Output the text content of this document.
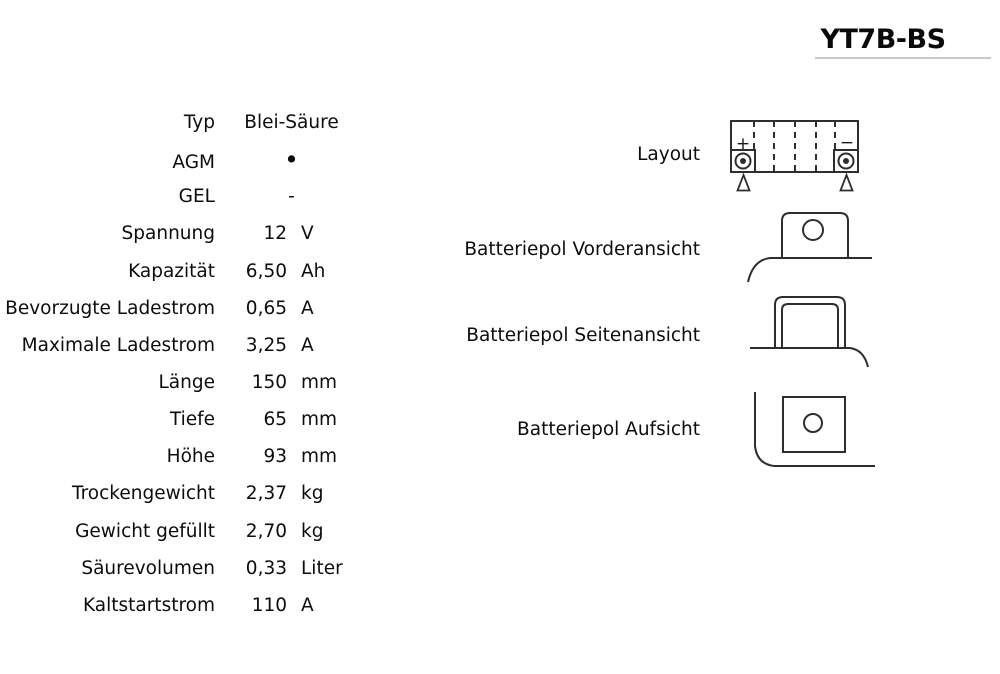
YT7B-BS
Typ	Blei-Säure
AGM	•
GEL	-
Spannung	12 V
Kapazität	6,50 Ah
Bevorzugte Ladestrom	0,65 A
Maximale Ladestrom	3,25 A
Länge	150 mm
Tiefe	65 mm
Höhe	93 mm
Trockengewicht	2,37 kg
Gewicht gefüllt	2,70 kg
Säurevolumen	0,33 Liter
Kaltstartstrom	110 A
Layout
Batteriepol Vorderansicht
Batteriepol Seitenansicht
Batteriepol Aufsicht
+	−
